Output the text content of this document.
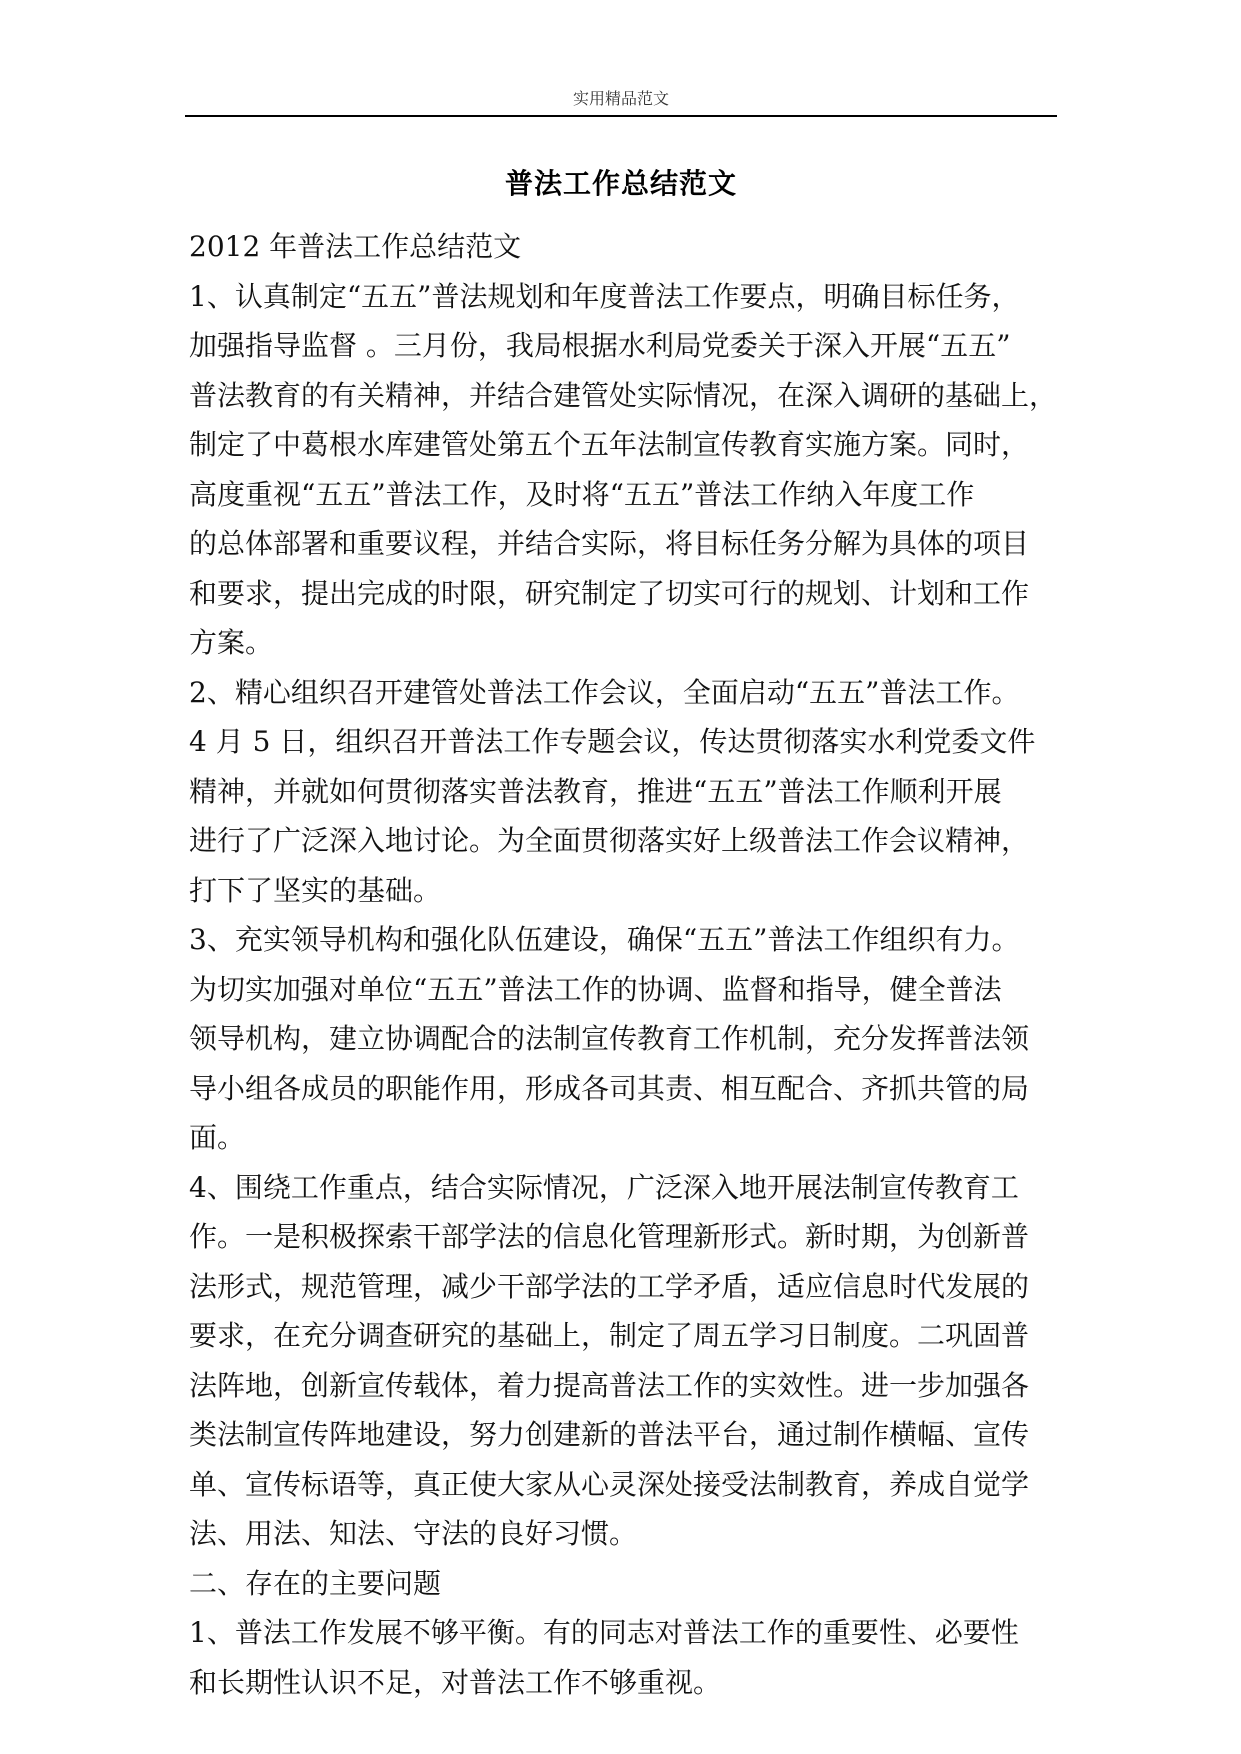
实用精品范文
普法工作总结范文
2012 年普法工作总结范文
1、认真制定“五五”普法规划和年度普法工作要点，明确目标任务，
加强指导监督 。三月份，我局根据水利局党委关于深入开展“五五”
普法教育的有关精神，并结合建管处实际情况，在深入调研的基础上，
制定了中葛根水库建管处第五个五年法制宣传教育实施方案。同时，
高度重视“五五”普法工作，及时将“五五”普法工作纳入年度工作
的总体部署和重要议程，并结合实际，将目标任务分解为具体的项目
和要求，提出完成的时限，研究制定了切实可行的规划、计划和工作
方案。
2、精心组织召开建管处普法工作会议，全面启动“五五”普法工作。
4 月 5 日，组织召开普法工作专题会议，传达贯彻落实水利党委文件
精神，并就如何贯彻落实普法教育，推进“五五”普法工作顺利开展
进行了广泛深入地讨论。为全面贯彻落实好上级普法工作会议精神，
打下了坚实的基础。
3、充实领导机构和强化队伍建设，确保“五五”普法工作组织有力。
为切实加强对单位“五五”普法工作的协调、监督和指导，健全普法
领导机构，建立协调配合的法制宣传教育工作机制，充分发挥普法领
导小组各成员的职能作用，形成各司其责、相互配合、齐抓共管的局
面。
4、围绕工作重点，结合实际情况，广泛深入地开展法制宣传教育工
作。一是积极探索干部学法的信息化管理新形式。新时期，为创新普
法形式，规范管理，减少干部学法的工学矛盾，适应信息时代发展的
要求，在充分调查研究的基础上，制定了周五学习日制度。二巩固普
法阵地，创新宣传载体，着力提高普法工作的实效性。进一步加强各
类法制宣传阵地建设，努力创建新的普法平台，通过制作横幅、宣传
单、宣传标语等，真正使大家从心灵深处接受法制教育，养成自觉学
法、用法、知法、守法的良好习惯。
二、存在的主要问题
1、普法工作发展不够平衡。有的同志对普法工作的重要性、必要性
和长期性认识不足，对普法工作不够重视。
